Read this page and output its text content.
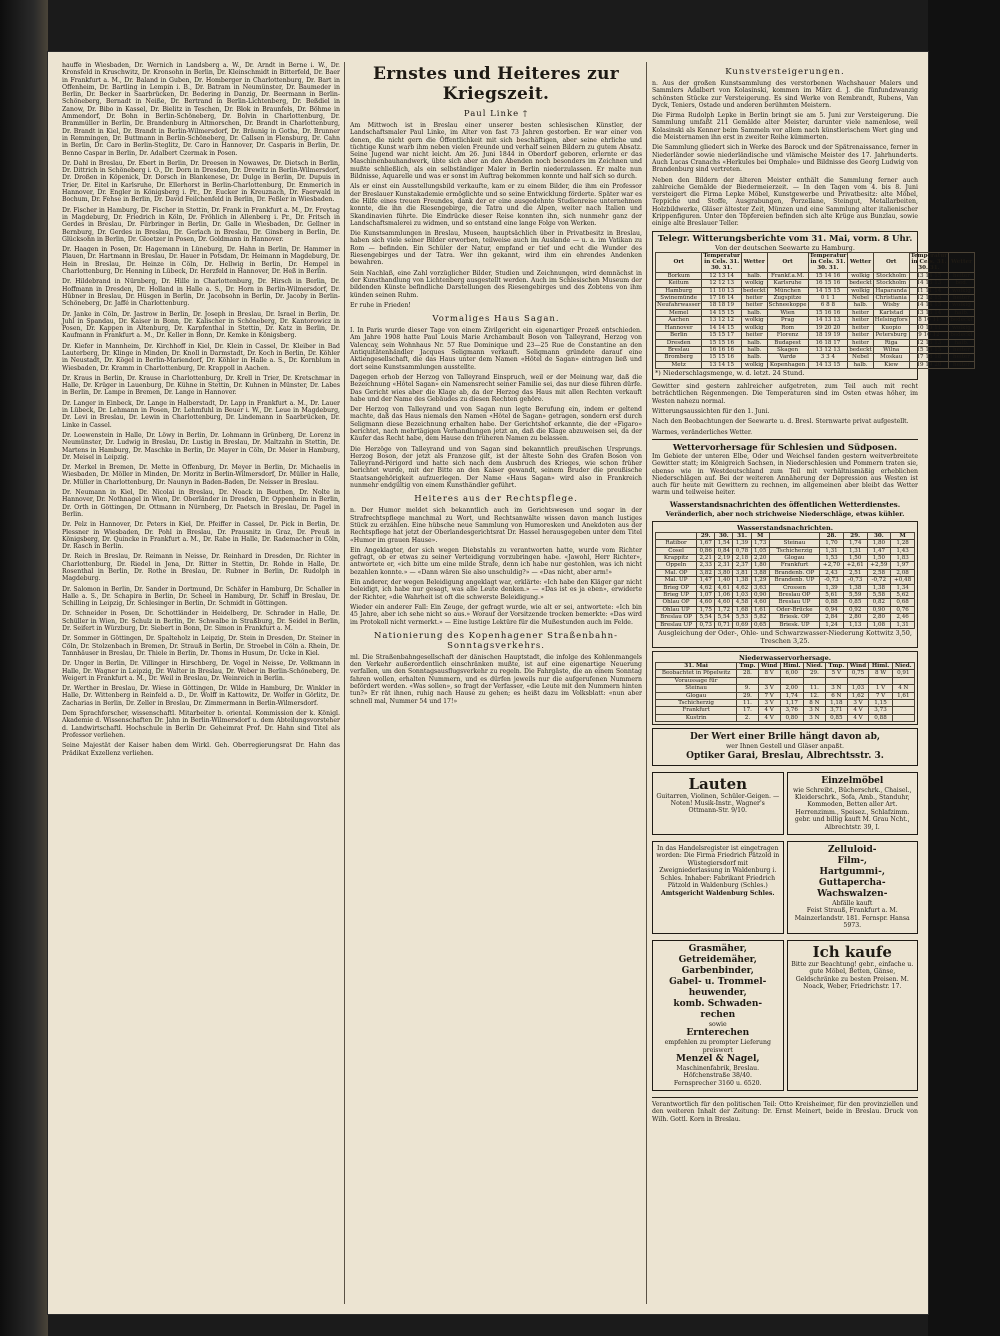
hauffe in Wiesbaden, Dr. Wernich in Landsberg a. W., Dr. Arndt in Berne i. W., Dr. Kronsfeld in Kruschwitz, Dr. Kronsohn in Berlin, Dr. Kleinschmidt in Bitterfeld, Dr. Baer in Frankfurt a. M., Dr. Baland in Guben, Dr. Homberger in Charlottenburg, Dr. Bart in Offenheim, Dr. Bartling in Lempin i. B., Dr. Batram in Neumünster, Dr. Baumeder in Berlin, Dr. Becker in Saarbrücken, Dr. Bedering in Danzig, Dr. Beermann in Berlin-Schöneberg, Bernadt in Neiße, Dr. Bertrand in Berlin-Lichtenberg, Dr. Beßdiel in Zanow, Dr. Bibo in Kassel, Dr. Bielitz in Teschen, Dr. Blok in Braunfels, Dr. Böhme in Ammendorf, Dr. Bohn in Berlin-Schöneberg, Dr. Bolvin in Charlottenburg, Dr. Brammüller in Berlin, Dr. Brandenburg in Altmorschen, Dr. Brandt in Charlottenburg, Dr. Brandt in Kiel, Dr. Brandt in Berlin-Wilmersdorf, Dr. Bräunig in Gotha, Dr. Brunner in Remmingen, Dr. Buttmann in Berlin-Schöneberg, Dr. Callsen in Flensburg, Dr. Cahn in Berlin, Dr. Caro in Berlin-Steglitz, Dr. Caro in Hannover, Dr. Casparis in Berlin, Dr. Benno Caspar in Berlin, Dr. Adalbert Czermak in Posen.

Dr. Dahl in Breslau, Dr. Ebert in Berlin, Dr. Dreesen in Nowawes, Dr. Dietsch in Berlin, Dr. Dittrich in Schöneberg i. O., Dr. Dorn in Dresden, Dr. Drewitz in Berlin-Wilmersdorf, Dr. Droßen in Köpenick, Dr. Dorsch in Blankenese, Dr. Dulge in Berlin, Dr. Dupuis in Trier, Dr. Eitel in Karlsruhe, Dr. Ellerhorst in Berlin-Charlottenburg, Dr. Emmerich in Hannover, Dr. Engler in Königsberg i. Pr., Dr. Eucker in Kreuznach, Dr. Faerwald in Bochum, Dr. Fehse in Berlin, Dr. David Feilchenfeld in Berlin, Dr. Feßler in Wiesbaden.

Dr. Fischer in Hamburg, Dr. Fischer in Stettin, Dr. Frank in Frankfurt a. M., Dr. Freytag in Magdeburg, Dr. Friedrich in Köln, Dr. Fröhlich in Allenberg i. Pr., Dr. Fritsch in Gerdes in Breslau, Dr. Fürbringer in Berlin, Dr. Galle in Wiesbaden, Dr. Gellner in Bernburg, Dr. Gerdes in Breslau, Dr. Gerlach in Breslau, Dr. Ginsberg in Berlin, Dr. Glücksohn in Berlin, Dr. Gloetzer in Posen, Dr. Goldmann in Hannover.

Dr. Haagen in Posen, Dr. Hagemann in Lüneburg, Dr. Hahn in Berlin, Dr. Hammer in Plauen, Dr. Hartmann in Breslau, Dr. Hauer in Potsdam, Dr. Heimann in Magdeburg, Dr. Hein in Breslau, Dr. Heinze in Cöln, Dr. Hellwig in Berlin, Dr. Hempel in Charlottenburg, Dr. Henning in Lübeck, Dr. Herzfeld in Hannover, Dr. Heß in Berlin.

Dr. Hildebrand in Nürnberg, Dr. Hille in Charlottenburg, Dr. Hirsch in Berlin, Dr. Hoffmann in Dresden, Dr. Holland in Halle a. S., Dr. Horn in Berlin-Wilmersdorf, Dr. Hübner in Breslau, Dr. Hüsgen in Berlin, Dr. Jacobsohn in Berlin, Dr. Jacoby in Berlin-Schöneberg, Dr. Jaffé in Charlottenburg.

Dr. Janke in Cöln, Dr. Jastrow in Berlin, Dr. Joseph in Breslau, Dr. Israel in Berlin, Dr. Juhl in Spandau, Dr. Kaiser in Bonn, Dr. Kalischer in Schöneberg, Dr. Kantorowicz in Posen, Dr. Kappen in Altenburg, Dr. Karpfenthal in Stettin, Dr. Katz in Berlin, Dr. Kaufmann in Frankfurt a. M., Dr. Keller in Bonn, Dr. Kemke in Königsberg.

Dr. Kiefer in Mannheim, Dr. Kirchhoff in Kiel, Dr. Klein in Cassel, Dr. Kleiber in Bad Lauterberg, Dr. Klinge in Minden, Dr. Knoll in Darmstadt, Dr. Koch in Berlin, Dr. Köhler in Neustadt, Dr. Kögel in Berlin-Mariendorf, Dr. Köhler in Halle a. S., Dr. Kornblum in Wiesbaden, Dr. Kramm in Charlottenburg, Dr. Krappoll in Aachen.

Dr. Kraus in Berlin, Dr. Krause in Charlottenburg, Dr. Krell in Trier, Dr. Kretschmar in Halle, Dr. Krüger in Lauenburg, Dr. Kühne in Stettin, Dr. Kuhnen in Münster, Dr. Labes in Berlin, Dr. Lampe in Bremen, Dr. Lange in Hannover.

Dr. Langer in Einbeck, Dr. Lange in Halberstadt, Dr. Lapp in Frankfurt a. M., Dr. Lauer in Lübeck, Dr. Lehmann in Posen, Dr. Lehmfuhl in Beuer i. W., Dr. Leue in Magdeburg, Dr. Levi in Breslau, Dr. Lewin in Charlottenburg, Dr. Lindemann in Saarbrücken, Dr. Linke in Cassel.

Dr. Loewenstein in Halle, Dr. Löwy in Berlin, Dr. Lohmann in Grünberg, Dr. Lorenz in Neumünster, Dr. Ludwig in Breslau, Dr. Lustig in Breslau, Dr. Maltzahn in Stettin, Dr. Martens in Hamburg, Dr. Maschke in Berlin, Dr. Mayer in Cöln, Dr. Meier in Hamburg, Dr. Meisel in Leipzig.

Dr. Merkel in Bremen, Dr. Mette in Offenburg, Dr. Meyer in Berlin, Dr. Michaelis in Wiesbaden, Dr. Möller in Minden, Dr. Moritz in Berlin-Wilmersdorf, Dr. Müller in Halle, Dr. Müller in Charlottenburg, Dr. Naunyn in Baden-Baden, Dr. Neisser in Breslau.

Dr. Neumann in Kiel, Dr. Nicolai in Breslau, Dr. Noack in Beuthen, Dr. Nolte in Hannover, Dr. Nothnagel in Wien, Dr. Oberländer in Dresden, Dr. Oppenheim in Berlin, Dr. Orth in Göttingen, Dr. Ottmann in Nürnberg, Dr. Paetsch in Breslau, Dr. Pagel in Berlin.

Dr. Pelz in Hannover, Dr. Peters in Kiel, Dr. Pfeiffer in Cassel, Dr. Pick in Berlin, Dr. Plessner in Wiesbaden, Dr. Pohl in Breslau, Dr. Prausnitz in Graz, Dr. Preuß in Königsberg, Dr. Quincke in Frankfurt a. M., Dr. Rabe in Halle, Dr. Rademacher in Cöln, Dr. Rasch in Berlin.

Dr. Reich in Breslau, Dr. Reimann in Neisse, Dr. Reinhard in Dresden, Dr. Richter in Charlottenburg, Dr. Riedel in Jena, Dr. Ritter in Stettin, Dr. Rohde in Halle, Dr. Rosenthal in Berlin, Dr. Rothe in Breslau, Dr. Rubner in Berlin, Dr. Rudolph in Magdeburg.

Dr. Salomon in Berlin, Dr. Sander in Dortmund, Dr. Schäfer in Hamburg, Dr. Schaller in Halle a. S., Dr. Schapira in Berlin, Dr. Scheel in Hamburg, Dr. Schiff in Breslau, Dr. Schilling in Leipzig, Dr. Schlesinger in Berlin, Dr. Schmidt in Göttingen.

Dr. Schneider in Posen, Dr. Schottländer in Heidelberg, Dr. Schrader in Halle, Dr. Schüller in Wien, Dr. Schulz in Berlin, Dr. Schwalbe in Straßburg, Dr. Seidel in Berlin, Dr. Seifert in Würzburg, Dr. Siebert in Bonn, Dr. Simon in Frankfurt a. M.

Dr. Sommer in Göttingen, Dr. Spalteholz in Leipzig, Dr. Stein in Dresden, Dr. Steiner in Cöln, Dr. Stolzenbach in Bremen, Dr. Strauß in Berlin, Dr. Stroebel in Cöln a. Rhein, Dr. Tannhäuser in Breslau, Dr. Thiele in Berlin, Dr. Thoms in Husum, Dr. Ucke in Kiel.

Dr. Unger in Berlin, Dr. Villinger in Hirschberg, Dr. Vogel in Neisse, Dr. Volkmann in Halle, Dr. Wagner in Leipzig, Dr. Walter in Breslau, Dr. Weber in Berlin-Schöneberg, Dr. Weigert in Frankfurt a. M., Dr. Weil in Breslau, Dr. Weinreich in Berlin.

Dr. Werther in Breslau, Dr. Wiese in Göttingen, Dr. Wilde in Hamburg, Dr. Winkler in Halle, Dr. Wittenberg in Reinfeld a. D., Dr. Wolff in Kattowitz, Dr. Wolfer in Görlitz, Dr. Zacharias in Berlin, Dr. Zeller in Breslau, Dr. Zimmermann in Berlin-Wilmersdorf.

Dem Sprachforscher, wissenschaftl. Mitarbeiter b. oriental. Kommission der k. Königl. Akademie d. Wissenschaften Dr. Jahn in Berlin-Wilmersdorf u. dem Abteilungsvorsteher d. Landwirtschaftl. Hochschule in Berlin Dr. Geheimrat Prof. Dr. Hahn sind Titel als Professor verliehen.

Seine Majestät der Kaiser haben dem Wirkl. Geh. Oberregierungsrat Dr. Hahn das Prädikat Exzellenz verliehen.

Ernstes und Heiteres zur Kriegszeit.
Paul Linke †

Am Mittwoch ist in Breslau einer unserer besten schlesischen Künstler, der Landschaftsmaler Paul Linke, im Alter von fast 73 Jahren gestorben. Er war einer von denen, die nicht gern die Öffentlichkeit mit sich beschäftigen, aber seine ehrliche und tüchtige Kunst warb ihm neben vielen Freunde und verhalf seinen Bildern zu gutem Absatz. Seine Jugend war nicht leicht. Am 26. Juni 1844 in Oberdorf geboren, erlernte er das Maschinenbauhandwerk, übte sich aber an den Abenden noch besonders im Zeichnen und mußte schließlich, als ein selbständiger Maler in Berlin niederzulassen. Er malte nun Bildnisse, Aquarelle und was er sonst im Auftrag bekommen konnte und half sich so durch.

Als er einst ein Ausstellungsbild verkaufte, kam er zu einem Bilder, die ihm ein Professor der Breslauer Kunstakademie ermöglichte und so seine Entwicklung förderte. Später war es die Hilfe eines treuen Freundes, dank der er eine ausgedehnte Studienreise unternehmen konnte, die ihn die Riesengebirge, die Tatra und die Alpen, weiter nach Italien und Skandinavien führte. Die Eindrücke dieser Reise konnten ihn, sich nunmehr ganz der Landschaftsmalerei zu widmen, und so entstand eine lange Folge von Werken.

Die Kunstsammlungen in Breslau, Museen, hauptsächlich über in Privatbesitz in Breslau, haben sich viele seiner Bilder erworben, teilweise auch im Auslande — u. a. im Vatikan zu Rom — befinden. Ein Schüler der Natur, empfand er tief und echt die Wunder des Riesengebirges und der Tatra. Wer ihn gekannt, wird ihm ein ehrendes Andenken bewahren.

Sein Nachlaß, eine Zahl vorzüglicher Bilder, Studien und Zeichnungen, wird demnächst in der Kunsthandlung von Lichtenberg ausgestellt werden. Auch im Schlesischen Museum der bildenden Künste befindliche Darstellungen des Riesengebirges und des Zobtens von ihm künden seinen Ruhm.

Er ruhe in Frieden!

Vormaliges Haus Sagan.

I. In Paris wurde dieser Tage von einem Zivilgericht ein eigenartiger Prozeß entschieden. Am Jahre 1908 hatte Paul Louis Marie Archambault Boson von Talleyrand, Herzog von Valencay, sein Wohnhaus Nr. 57 Rue Dominique und 23—25 Rue de Constantine an den Antiquitätenhändler Jacques Seligmann verkauft. Seligmann gründete darauf eine Aktiengesellschaft, die das Haus unter dem Namen «Hôtel de Sagan» eintragen ließ und dort seine Kunstsammlungen ausstellte.

Dagegen erhob der Herzog von Talleyrand Einspruch, weil er der Meinung war, daß die Bezeichnung «Hôtel Sagan» ein Namensrecht seiner Familie sei, das nur diese führen dürfe. Das Gericht wies aber die Klage ab, da der Herzog das Haus mit allen Rechten verkauft habe und der Name des Gebäudes zu diesen Rechten gehöre.

Der Herzog von Talleyrand und von Sagan nun legte Berufung ein, indem er geltend machte, daß das Haus niemals den Namen «Hôtel de Sagan» getragen, sondern erst durch Seligmann diese Bezeichnung erhalten habe. Der Gerichtshof erkannte, die der «Figaro» berichtet, nach mehrtägigen Verhandlungen jetzt an, daß die Klage abzuweisen sei, da der Käufer das Recht habe, dem Hause den früheren Namen zu belassen.

Die Herzöge von Talleyrand und von Sagan sind bekanntlich preußischen Ursprungs. Herzog Boson, der jetzt als Franzose gilt, ist der älteste Sohn des Grafen Boson von Talleyrand-Périgord und hatte sich nach dem Ausbruch des Krieges, wie schon früher berichtet wurde, mit der Bitte an den Kaiser gewandt, seinem Bruder die preußische Staatsangehörigkeit aufzuerlegen. Der Name «Haus Sagan» wird also in Frankreich nunmehr endgültig von einem Kunsthändler geführt.

Heiteres aus der Rechtspflege.

n. Der Humor meldet sich bekanntlich auch im Gerichtswesen und sogar in der Strafrechtspflege manchmal zu Wort, und Rechtsanwälte wissen davon manch lustiges Stück zu erzählen. Eine hübsche neue Sammlung von Humoresken und Anekdoten aus der Rechtspflege hat jetzt der Oberlandesgerichtsrat Dr. Hassel herausgegeben unter dem Titel «Humor im grauen Hause».

Ein Angeklagter, der sich wegen Diebstahls zu verantworten hatte, wurde vom Richter gefragt, ob er etwas zu seiner Verteidigung vorzubringen habe. «Jawohl, Herr Richter», antwortete er, «ich bitte um eine milde Strafe, denn ich habe nur gestohlen, was ich nicht bezahlen konnte.» — «Dann wären Sie also unschuldig?» — «Das nicht, aber arm!»

Ein anderer, der wegen Beleidigung angeklagt war, erklärte: «Ich habe den Kläger gar nicht beleidigt, ich habe nur gesagt, was alle Leute denken.» — «Das ist es ja eben», erwiderte der Richter, «die Wahrheit ist oft die schwerste Beleidigung.»

Wieder ein anderer Fall: Ein Zeuge, der gefragt wurde, wie alt er sei, antwortete: «Ich bin 45 Jahre, aber ich sehe nicht so aus.» Worauf der Vorsitzende trocken bemerkte: «Das wird im Protokoll nicht vermerkt.» — Eine lustige Lektüre für die Mußestunden auch im Felde.

Nationierung des Kopenhagener Straßenbahn-Sonntagsverkehrs.

ml. Die Straßenbahngesellschaft der dänischen Hauptstadt, die infolge des Kohlenmangels den Verkehr außerordentlich einschränken mußte, ist auf eine eigenartige Neuerung verfallen, um den Sonntagsausflugsverkehr zu regeln. Die Fahrgäste, die an einem Sonntag fahren wollen, erhalten Nummern, und es dürfen jeweils nur die aufgerufenen Nummern befördert werden. «Was sollen», so fragt der Verfasser, «die Leute mit den Nummern hinten tun?» Er rät ihnen, ruhig nach Hause zu gehen; es heißt dazu im Volksblatt: «nun aber schnell mal, Nummer 54 und 17!»

Kunstversteigerungen.

n. Aus der großen Kunstsammlung des verstorbenen Wachshauer Malers und Sammlers Adalbert von Kolasinski, kommen im März d. J. die fünfundzwanzig schönsten Stücke zur Versteigerung. Es sind Werke von Rembrandt, Rubens, Van Dyck, Teniers, Ostade und anderen berühmten Meistern.

Die Firma Rudolph Lepke in Berlin bringt sie am 5. Juni zur Versteigerung. Die Sammlung umfaßt 211 Gemälde alter Meister, darunter viele namenlose, weil Kolasinski als Kenner beim Sammeln vor allem nach künstlerischem Wert ging und die Meisternamen ihn erst in zweiter Reihe kümmerten.

Die Sammlung gliedert sich in Werke des Barock und der Spätrenaissance, ferner in Niederländer sowie niederländische und vlämische Meister des 17. Jahrhunderts. Auch Lucas Cranachs «Herkules bei Omphale» und Bildnisse des Georg Ludwig von Brandenburg sind vertreten.

Neben den Bildern der älteren Meister enthält die Sammlung ferner auch zahlreiche Gemälde der Biedermeierzeit. — In den Tagen vom 4. bis 8. Juni versteigert die Firma Lepke Möbel, Kunstgewerbe und Privatbesitz: alte Möbel, Teppiche und Stoffe, Ausgrabungen, Porzellane, Steingut, Metallarbeiten, Holzbildwerke, Gläser ältester Zeit, Münzen und eine Sammlung alter italienischer Krippenfiguren. Unter den Töpfereien befinden sich alte Krüge aus Bunzlau, sowie einige alte Breslauer Teller.

Telegr. Witterungsberichte vom 31. Mai, vorm. 8 Uhr.
Von der deutschen Seewarte zu Hamburg.
Ort	Temperatur in Cels. 31. 30. 31.	Wetter	Ort	Temperatur in Cels. 31. 30. 31.	Wetter	Ort	Temperatur in Cels. 31. 30. 31.	Wetter
Borkum	12 13 14	halb.	Frankf.a.M.	15 14 16	wolkig	Stockholm	13 14 15	heiter
Keitum	12 12 13	wolkig	Karlsruhe	16 15 16	bedeckt	Stockholm	14 13 13	bed.
Hamburg	11 10 13	bedeckt	München	14 15 15	wolkig	Haparanda	11 11 14	wolkig
Swinemünde	17 16 14	heiter	Zugspitze	0 1 1	Nebel	Christiania	12 12 15	heiter
Neufahrwasser	18 18 19	heiter	Schneekoppe	6 8 8	halb.	Wisby	14 14 15	wolkig
Memel	14 15 15	halb.	Wien	15 16 16	heiter	Karlstad	13 13 14	halb.
Aachen	13 12 12	wolkig	Prag	14 13 13	heiter	Helsingfors	8 10 11	bedeckt
Hannover	14 14 15	wolkig	Rom	19 20 20	heiter	Kuopio	10 10 11	wolkig
Berlin	15 15 17	heiter	Florenz	18 19 19	heiter	Petersburg	9 10 12	bedeckt
Dresden	15 15 16	halb.	Budapest	16 18 17	heiter	Riga	12 13 13	halb.
Breslau	16 16 16	halb.	Skagen	13 12 13	bedeckt	Wilna	15 15 15	heiter
Bromberg	15 15 16	halb.	Vardø	3 3 4	Nebel	Moskau	17 18 18	heiter
Metz	13 14 15	wolkig	Kopenhagen	14 13 15	halb.	Kiew	19 19 20	heiter
*) Niederschlagsmenge, w. d. letzt. 24 Stund.

Gewitter sind gestern zahlreicher aufgetreten, zum Teil auch mit recht beträchtlichen Regenmengen. Die Temperaturen sind im Osten etwas höher, im Westen nahezu normal.

Witterungsaussichten für den 1. Juni.

Nach den Beobachtungen der Seewarte u. d. Bresl. Sternwarte privat aufgestellt.

Warmes, veränderliches Wetter.

Wettervorhersage für Schlesien und Südposen.

Im Gebiete der unteren Elbe, Oder und Weichsel fanden gestern weitverbreitete Gewitter statt; im Königreich Sachsen, in Niederschlesien und Pommern traten sie, ebenso wie in Westdeutschland zum Teil mit verhältnismäßig erheblichen Niederschlägen auf. Bei der weiteren Annäherung der Depression aus Westen ist auch für heute mit Gewittern zu rechnen, im allgemeinen aber bleibt das Wetter warm und teilweise heiter.

Wasserstandsnachrichten des öffentlichen Wetterdienstes.
Veränderlich, aber noch strichweise Niederschläge, etwas kühler.
Wasserstandsnachrichten.
	29.	30.	31.	M		28.	29.	30.	M
Ratibor	1,67	1,54	1,39	1,73	Steinau	1,70	1,74	1,80	1,28
Cosel	0,86	0,84	0,78	1,05	Tschicherzig	1,31	1,31	1,47	1,43
Krappitz	2,21	2,19	2,18	2,20	Glogau	1,53	1,50	1,50	1,83
Oppeln	2,33	2,31	2,37	1,80	Frankfurt	+2,70	+2,61	+2,59	1,97
Mal. OP	3,82	3,80	3,81	3,88	Brandenb. OP	2,43	2,51	2,58	2,08
Mal. UP	1,47	1,40	1,38	1,29	Brandenb. UP	-0,73	-0,73	-0,72	+0,48
Brieg OP	4,62	4,61	4,62	3,63	Crossen	1,39	1,38	1,38	1,34
Brieg UP	1,07	1,06	1,03	0,90	Breslau OP	5,61	5,59	5,58	5,62
Ohlau OP	4,60	4,60	4,58	4,60	Breslau UP	0,88	0,85	0,82	0,68
Ohlau UP	1,75	1,72	1,68	1,61	Oder-Brücke	0,94	0,92	0,90	0,76
Breslau OP	5,54	5,54	5,53	5,82	Briesk. OP	2,84	2,80	2,80	2,46
Breslau UP	0,73	0,71	0,69	0,65	Briesk. UP	1,24	1,13	1,08	1,31
Ausgleichung der Oder-, Ohle- und Schwarzwasser-Niederung Kottwitz 3,50, Treschen 3,25.
Niederwasservorhersage.
31. Mai	Tmp.	Wind	Himl.	Nied.	Tmp.	Wind	Himl.	Nied.
Beobachtet in Pöpelwitz	28.	8 V	6,00	29.	5 V	0,75	8 W	0,91
Voraussage für								
Steinau	9.	3 V	2,00	11.	3 N	1,03	1 V	4 N
Glogau	29.	7 V	1,74	12.	6 N	1,62	7 V	1,61
Tschicherzig	11.	3 V	1,17	8 N	1,18	3 V	1,15	
Frankfurt	17.	4 V	3,76	3 N	3,71	4 V	3,73	
Kustrin	2.	4 V	0,80	3 N	0,85	4 V	0,88	
Der Wert einer Brille hängt davon ab,
wer Ihnen Gestell und Gläser anpaßt.
Optiker Garai, Breslau, Albrechtsstr. 3.
Lauten
Guitarren, Violinen, Schüler-Geigen. — Noten! Musik-Instr., Wagner's Ottmann-Str. 9/10.
Einzelmöbel
wie Schreibt., Bücherschrk., Chaisel., Kleiderschrk., Sofa, Amb., Standuhr, Kommoden, Betten aller Art. Herrenzimm., Speisez., Schlafzimm. gebr. und billig kauft M. Grau Ncht., Albrechtstr. 39, I.
In das Handelsregister ist eingetragen worden: Die Firma Friedrich Pätzold in Wüstegiersdorf mit Zweigniederlassung in Waldenburg i. Schles. Inhaber: Fabrikant Friedrich Pätzold in Waldenburg (Schles.)
Amtsgericht Waldenburg Schles.
Zelluloid-
Film-,
Hartgummi-,
Guttapercha-
Wachswalzen-
Abfälle kauft
Feist Strauß, Frankfurt a. M. Mainzerlandstr. 181. Fernspr. Hansa 5973.
Grasmäher,
Getreidemäher,
Garbenbinder,
Gabel- u. Trommel-
heuwender,
komb. Schwaden-
rechen
sowie
Ernterechen
empfehlen zu prompter Lieferung preiswert
Menzel & Nagel,
Maschinenfabrik, Breslau.
Höfchenstraße 38/40.
Fernsprecher 3160 u. 6520.
Ich kaufe
Bitte zur Beachtung! gebr., einfache u. gute Möbel, Betten, Gänse, Geldschränke zu besten Preisen. M. Noack, Weber, Friedrichstr. 17.

Verantwortlich für den politischen Teil: Otto Kreisheimer, für den provinziellen und den weiteren Inhalt der Zeitung: Dr. Ernst Meinert, beide in Breslau. Druck von Wilh. Gottl. Korn in Breslau.
